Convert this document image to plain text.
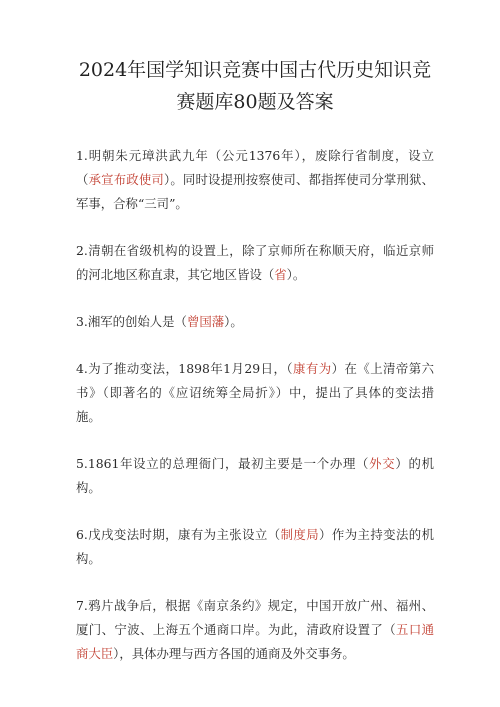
2024年国学知识竞赛中国古代历史知识竞赛题库80题及答案

1.明朝朱元璋洪武九年（公元1376年），废除行省制度，设立（承宣布政使司）。同时设提刑按察使司、都指挥使司分掌刑狱、军事，合称“三司”。

2.清朝在省级机构的设置上，除了京师所在称顺天府，临近京师的河北地区称直隶，其它地区皆设（省）。

3.湘军的创始人是（曾国藩）。

4.为了推动变法，1898年1月29日，（康有为）在《上清帝第六书》（即著名的《应诏统筹全局折》）中，提出了具体的变法措施。

5.1861年设立的总理衙门，最初主要是一个办理（外交）的机构。

6.戊戌变法时期，康有为主张设立（制度局）作为主持变法的机构。

7.鸦片战争后，根据《南京条约》规定，中国开放广州、福州、厦门、宁波、上海五个通商口岸。为此，清政府设置了（五口通商大臣），具体办理与西方各国的通商及外交事务。
